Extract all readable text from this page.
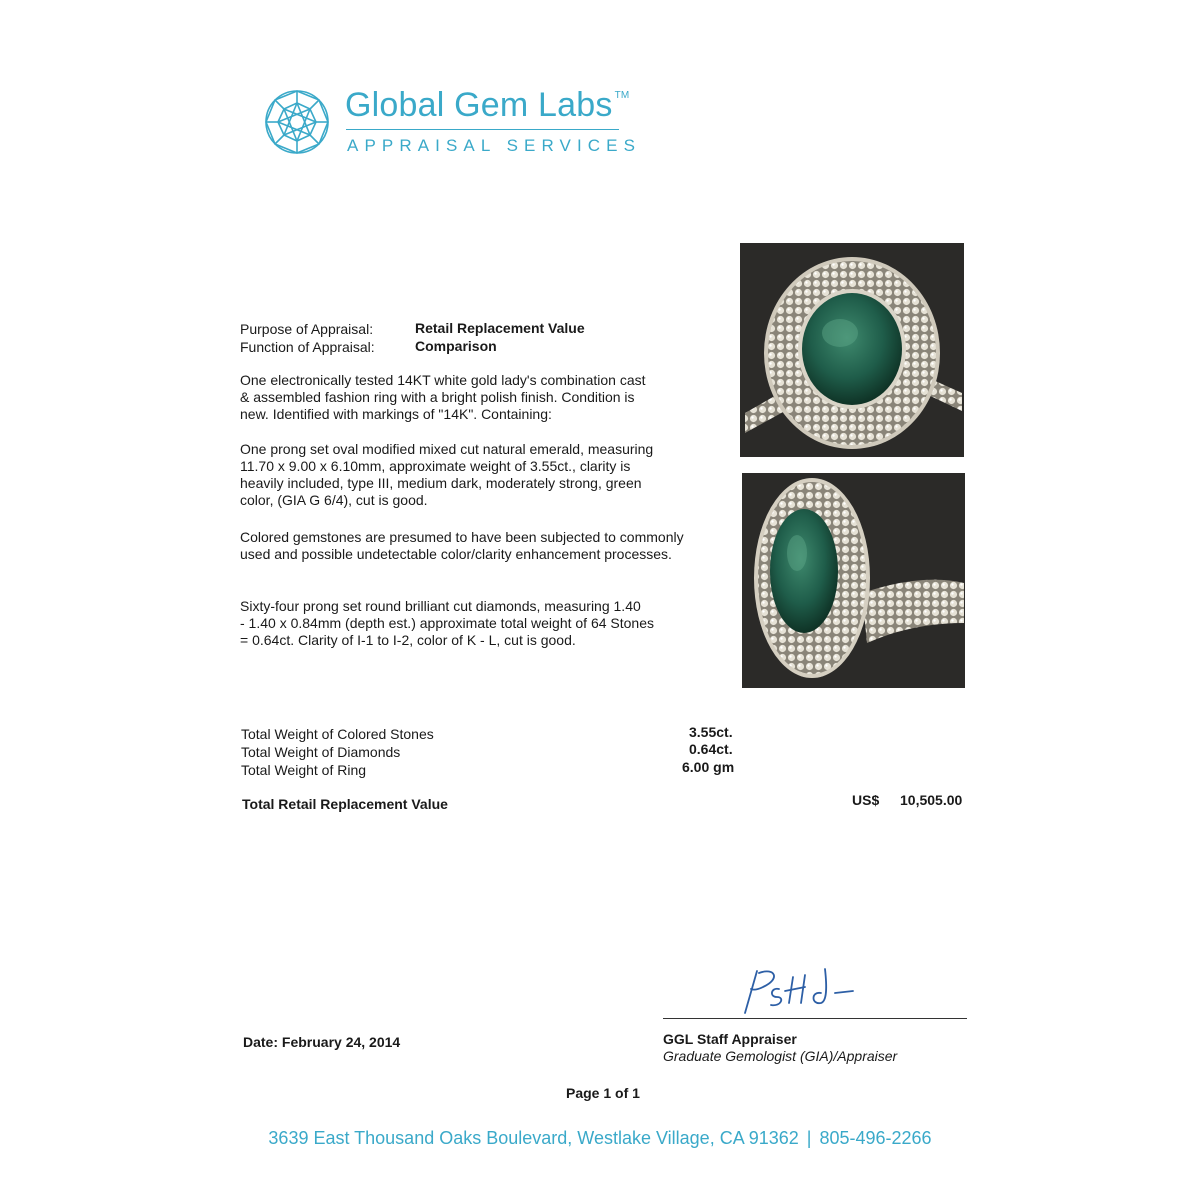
Global Gem Labs ™
APPRAISAL SERVICES
Purpose of Appraisal:	Retail Replacement Value
Function of Appraisal:	Comparison
One electronically tested 14KT white gold lady's combination cast
& assembled fashion ring with a bright polish finish. Condition is
new. Identified with markings of "14K". Containing:
One prong set oval modified mixed cut natural emerald, measuring
11.70 x 9.00 x 6.10mm, approximate weight of 3.55ct., clarity is
heavily included, type III, medium dark, moderately strong, green
color, (GIA G 6/4), cut is good.
Colored gemstones are presumed to have been subjected to commonly
used and possible undetectable color/clarity enhancement processes.
Sixty-four prong set round brilliant cut diamonds, measuring 1.40
- 1.40 x 0.84mm (depth est.) approximate total weight of 64 Stones
= 0.64ct. Clarity of I-1 to I-2, color of K - L, cut is good.
Total Weight of Colored Stones	3.55ct.
Total Weight of Diamonds	0.64ct.
Total Weight of Ring	6.00 gm
Total Retail Replacement Value	US$ 10,505.00
Date: February 24, 2014	GGL Staff Appraiser
Graduate Gemologist (GIA)/Appraiser
Page 1 of 1
3639 East Thousand Oaks Boulevard, Westlake Village, CA 91362 | 805-496-2266
